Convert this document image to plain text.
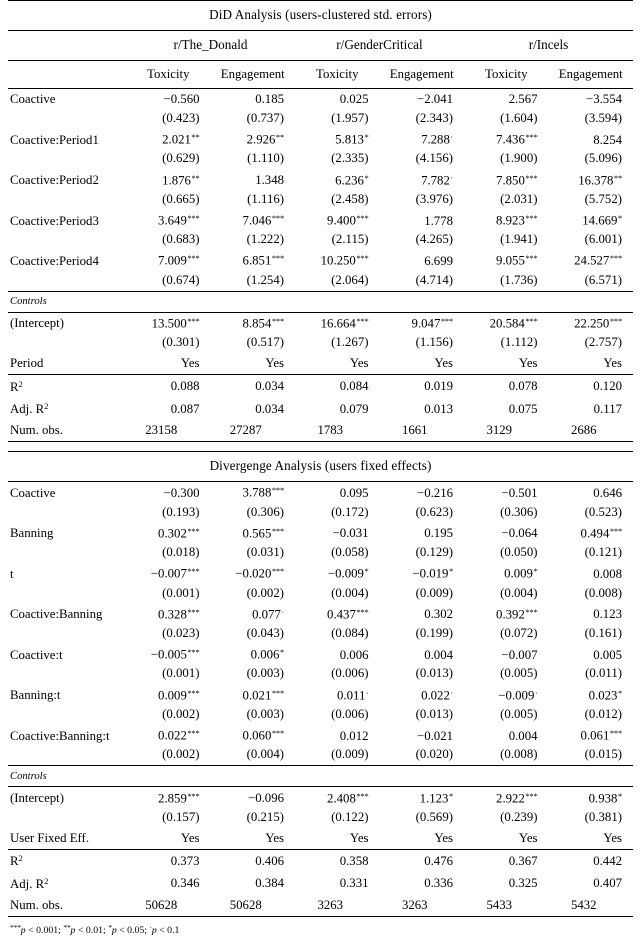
DiD Analysis (users-clustered std. errors)						

	r/The_Donald		r/GenderCritical		r/Incels	

	Toxicity	Engagement	Toxicity	Engagement	Toxicity	Engagement

Coactive	−0.560	0.185	0.025	−2.041	2.567	−3.554
	(0.423)	(0.737)	(1.957)	(2.343)	(1.604)	(3.594)
Coactive:Period1	2.021**	2.926**	5.813*	7.288·	7.436***	8.254
	(0.629)	(1.110)	(2.335)	(4.156)	(1.900)	(5.096)
Coactive:Period2	1.876**	1.348	6.236*	7.782·	7.850***	16.378**
	(0.665)	(1.116)	(2.458)	(3.976)	(2.031)	(5.752)
Coactive:Period3	3.649***	7.046***	9.400***	1.778	8.923***	14.669*
	(0.683)	(1.222)	(2.115)	(4.265)	(1.941)	(6.001)
Coactive:Period4	7.009***	6.851***	10.250***	6.699	9.055***	24.527***
	(0.674)	(1.254)	(2.064)	(4.714)	(1.736)	(6.571)

Controls						

(Intercept)	13.500***	8.854***	16.664***	9.047***	20.584***	22.250***
	(0.301)	(0.517)	(1.267)	(1.156)	(1.112)	(2.757)
Period	Yes	Yes	Yes	Yes	Yes	Yes

$R^2$	0.088	0.034	0.084	0.019	0.078	0.120
Adj. $R^2$	0.087	0.034	0.079	0.013	0.075	0.117
Num. obs.	23158	27287	1783	1661	3129	2686

Divergenge Analysis (users fixed effects)						

Coactive	−0.300	3.788***	0.095	−0.216	−0.501	0.646
	(0.193)	(0.306)	(0.172)	(0.623)	(0.306)	(0.523)
Banning	0.302***	0.565***	−0.031	0.195	−0.064	0.494***
	(0.018)	(0.031)	(0.058)	(0.129)	(0.050)	(0.121)
t	−0.007***	−0.020***	−0.009*	−0.019*	0.009*	0.008
	(0.001)	(0.002)	(0.004)	(0.009)	(0.004)	(0.008)
Coactive:Banning	0.328***	0.077·	0.437***	0.302	0.392***	0.123
	(0.023)	(0.043)	(0.084)	(0.199)	(0.072)	(0.161)
Coactive:t	−0.005***	0.006*	0.006	0.004	−0.007	0.005
	(0.001)	(0.003)	(0.006)	(0.013)	(0.005)	(0.011)
Banning:t	0.009***	0.021***	0.011·	0.022·	−0.009·	0.023*
	(0.002)	(0.003)	(0.006)	(0.013)	(0.005)	(0.012)
Coactive:Banning:t	0.022***	0.060***	0.012	−0.021	0.004	0.061***
	(0.002)	(0.004)	(0.009)	(0.020)	(0.008)	(0.015)

Controls						

(Intercept)	2.859***	−0.096	2.408***	1.123*	2.922***	0.938*
	(0.157)	(0.215)	(0.122)	(0.569)	(0.239)	(0.381)
User Fixed Eff.	Yes	Yes	Yes	Yes	Yes	Yes

$R^2$	0.373	0.406	0.358	0.476	0.367	0.442
Adj. $R^2$	0.346	0.384	0.331	0.336	0.325	0.407
Num. obs.	50628	50628	3263	3263	5433	5432

***p < 0.001; **p < 0.01; *p < 0.05; ·p < 0.1
